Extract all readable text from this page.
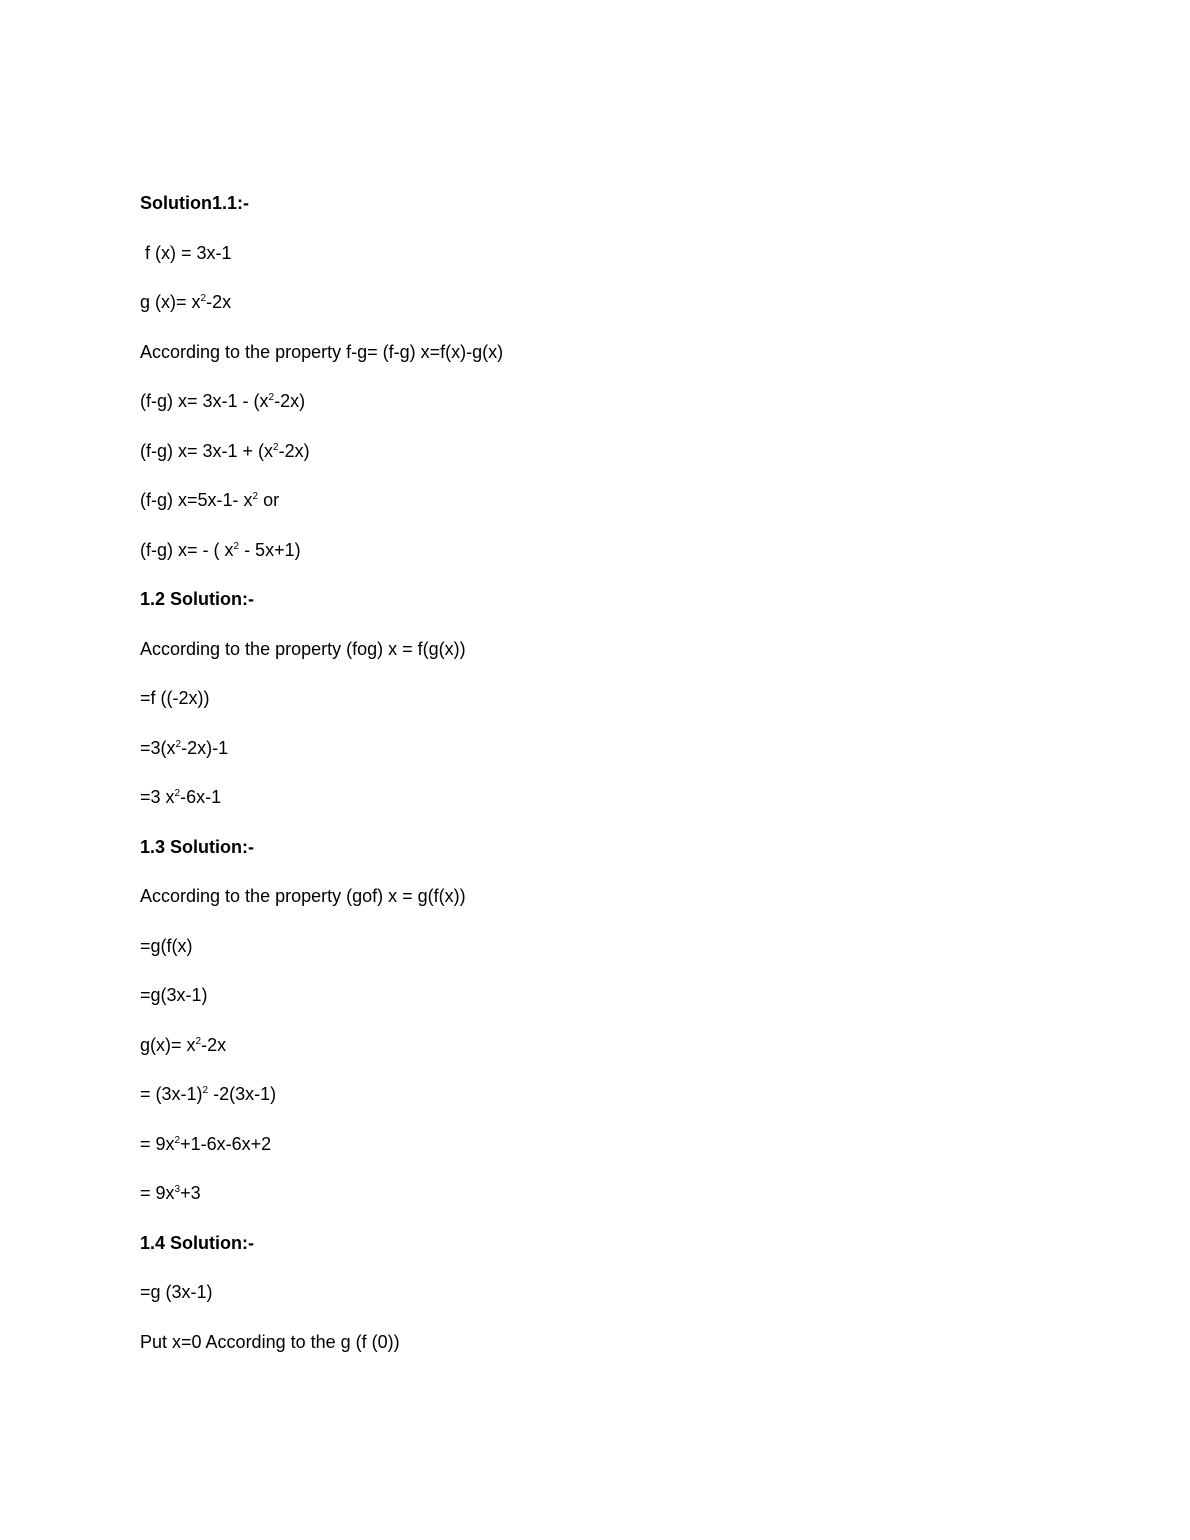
Solution1.1:-
f (x) = 3x-1
g $(x)= x^2-2x$
According to the property f-g= (f-g) x=f(x)-g(x)
(f-g) $x= 3x-1 - (x^2-2x)$
(f-g) $x= 3x-1 + (x^2-2x)$
(f-g) x=5x-1- $x^2$ or
(f-g) x= - ( $x^2 - 5x+1$)
1.2 Solution:-
According to the property (fog) x = f(g(x))
=f ((-2x))
$=3(x^2-2x)-1$
=3 $x^2-6x-1$
1.3 Solution:-
According to the property (gof) x = g(f(x))
=g(f(x)
=g(3x-1)
$g(x)= x^2-2x$
= $(3x-1)^2$ -2(3x-1)
= $9x^2+1-6x-6x+2$
= $9x^3+3$
1.4 Solution:-
=g (3x-1)
Put x=0 According to the g (f (0))
